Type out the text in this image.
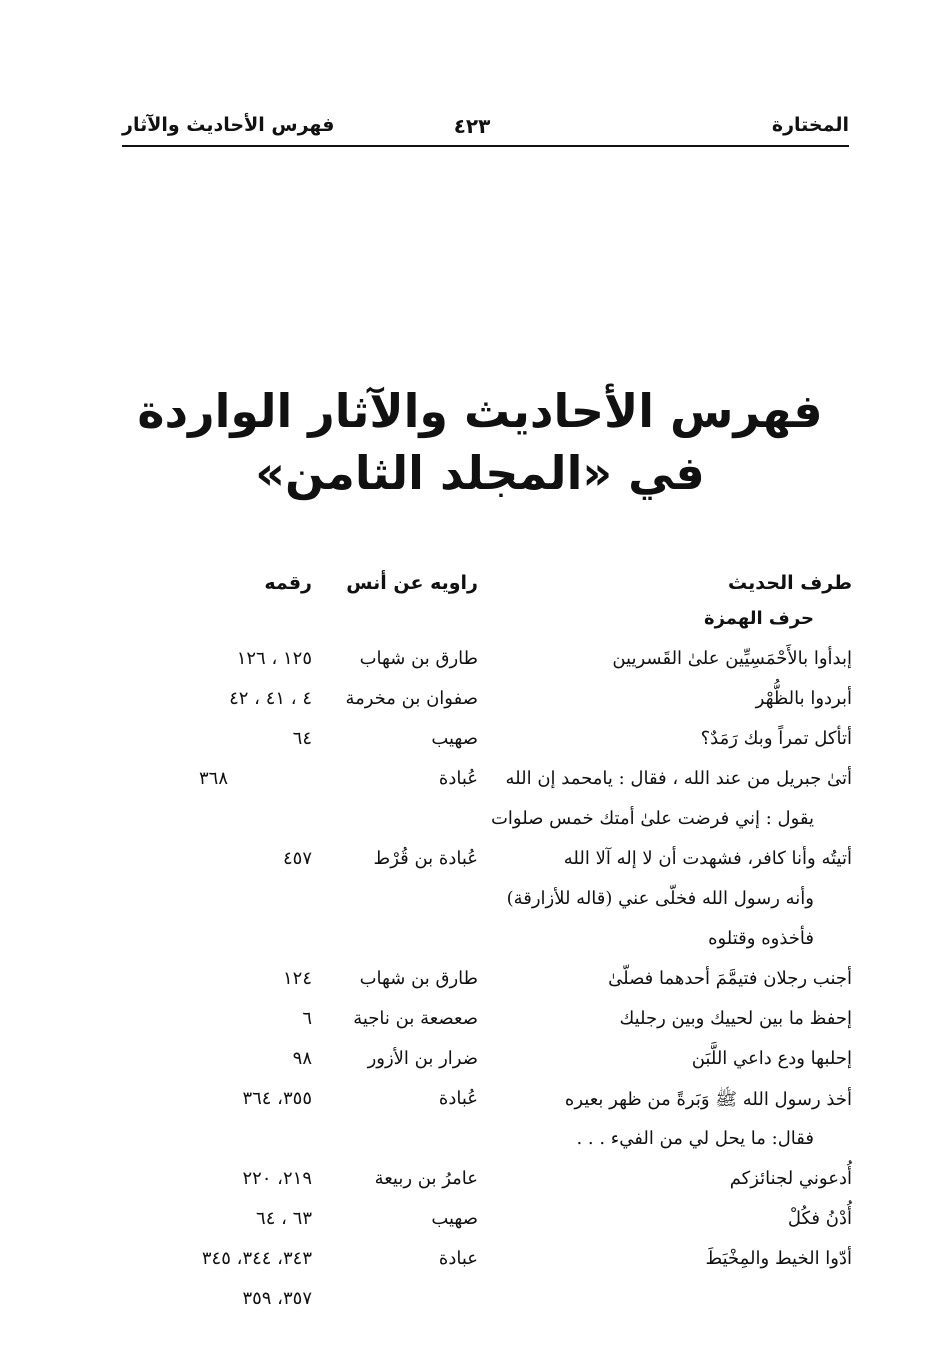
المختارة
٤٢٣
فهرس الأحاديث والآثار
فهرس الأحاديث والآثار الواردة
في «المجلد الثامن»
طرف الحديث
راويه عن أنس
رقمه
حرف الهمزة
إبدأوا بالأَحْمَسِيِّين علىٰ القَسريين
طارق بن شهاب
١٢٥ ، ١٢٦
أبردوا بالظُّهْر
صفوان بن مخرمة
٤ ، ٤١ ، ٤٢
أتأكل تمراً وبك رَمَدٌ؟
صهيب
٦٤
أتىٰ جبريل من عند الله ، فقال : يامحمد إن الله
عُبادة
٣٦٨
يقول : إني فرضت علىٰ أمتك خمس صلوات
أتيتُه وأنا كافر، فشهدت أن لا إله آلا الله
عُبادة بن قُرْط
٤٥٧
وأنه رسول الله فخلّى عني (قاله للأزارقة)
فأخذوه وقتلوه
أجنب رجلان فتيمَّمَ أحدهما فصلّىٰ
طارق بن شهاب
١٢٤
إحفظ ما بين لحييك وبين رجليك
صعصعة بن ناجية
٦
إحلبها ودع داعي اللَّبَن
ضرار بن الأزور
٩٨
أخذ رسول الله ﷺ وَبَرةً من ظهر بعيره
عُبادة
٣٥٥، ٣٦٤
فقال: ما يحل لي من الفيء . . .
أُدعوني لجنائزكم
عامرُ بن ربيعة
٢١٩، ٢٢٠
أُدْنُ فكُلْ
صهيب
٦٣ ، ٦٤
أدّوا الخيط والمِخْيَطَ
عبادة
٣٤٣، ٣٤٤، ٣٤٥
٣٥٧، ٣٥٩
